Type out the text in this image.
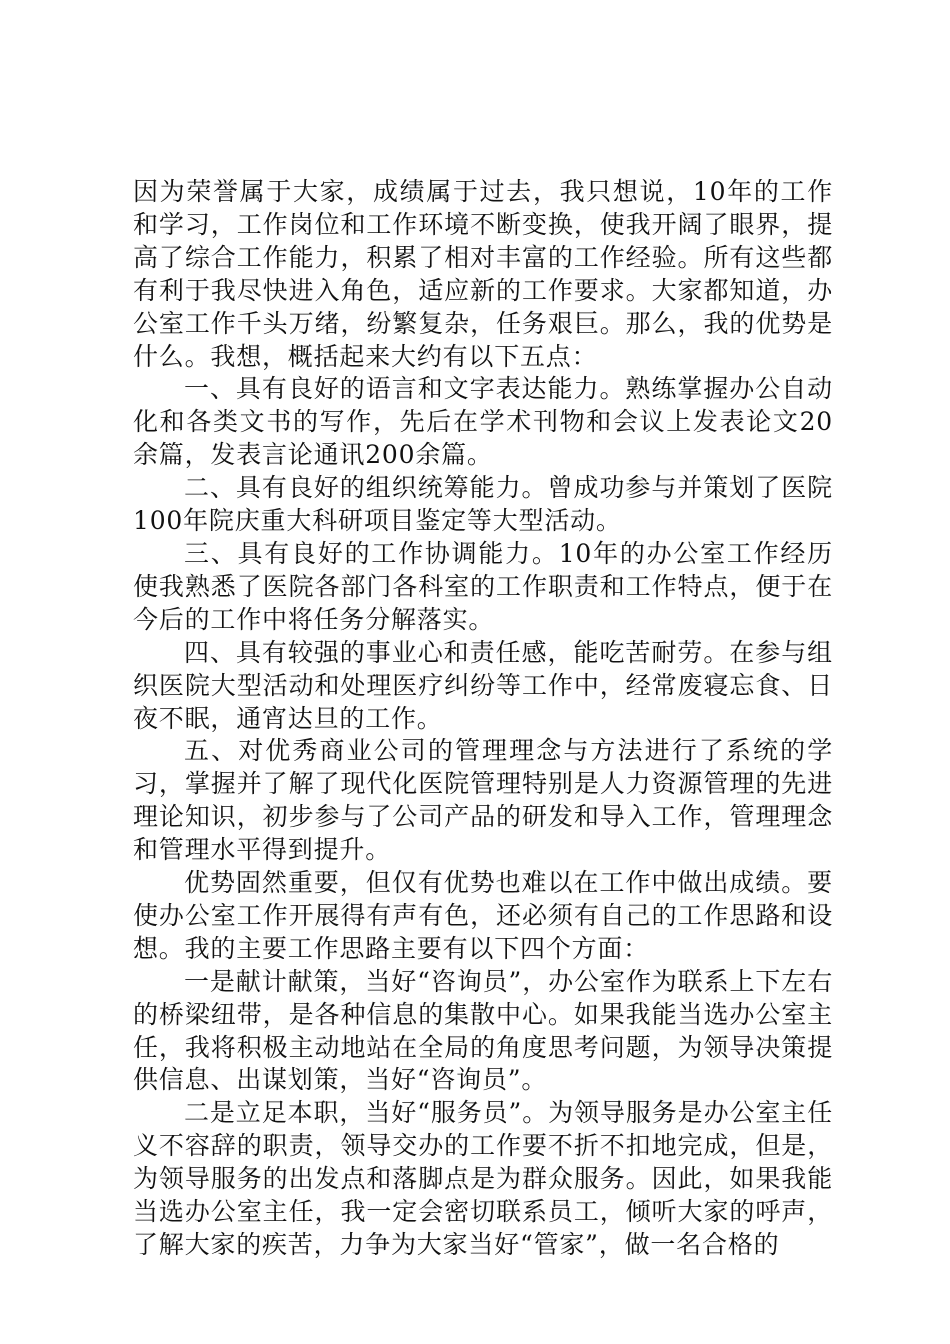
因为荣誉属于大家，成绩属于过去，我只想说，10年的工作和学习，工作岗位和工作环境不断变换，使我开阔了眼界，提高了综合工作能力，积累了相对丰富的工作经验。所有这些都有利于我尽快进入角色，适应新的工作要求。大家都知道，办公室工作千头万绪，纷繁复杂，任务艰巨。那么，我的优势是什么。我想，概括起来大约有以下五点：

一、具有良好的语言和文字表达能力。熟练掌握办公自动化和各类文书的写作，先后在学术刊物和会议上发表论文20余篇，发表言论通讯200余篇。

二、具有良好的组织统筹能力。曾成功参与并策划了医院100年院庆重大科研项目鉴定等大型活动。

三、具有良好的工作协调能力。10年的办公室工作经历使我熟悉了医院各部门各科室的工作职责和工作特点，便于在今后的工作中将任务分解落实。

四、具有较强的事业心和责任感，能吃苦耐劳。在参与组织医院大型活动和处理医疗纠纷等工作中，经常废寝忘食、日夜不眠，通宵达旦的工作。

五、对优秀商业公司的管理理念与方法进行了系统的学习，掌握并了解了现代化医院管理特别是人力资源管理的先进理论知识，初步参与了公司产品的研发和导入工作，管理理念和管理水平得到提升。

优势固然重要，但仅有优势也难以在工作中做出成绩。要使办公室工作开展得有声有色，还必须有自己的工作思路和设想。我的主要工作思路主要有以下四个方面：

一是献计献策，当好“咨询员”，办公室作为联系上下左右的桥梁纽带，是各种信息的集散中心。如果我能当选办公室主任，我将积极主动地站在全局的角度思考问题，为领导决策提供信息、出谋划策，当好“咨询员”。

二是立足本职，当好“服务员”。为领导服务是办公室主任义不容辞的职责，领导交办的工作要不折不扣地完成，但是，为领导服务的出发点和落脚点是为群众服务。因此，如果我能当选办公室主任，我一定会密切联系员工，倾听大家的呼声，了解大家的疾苦，力争为大家当好“管家”，做一名合格的
